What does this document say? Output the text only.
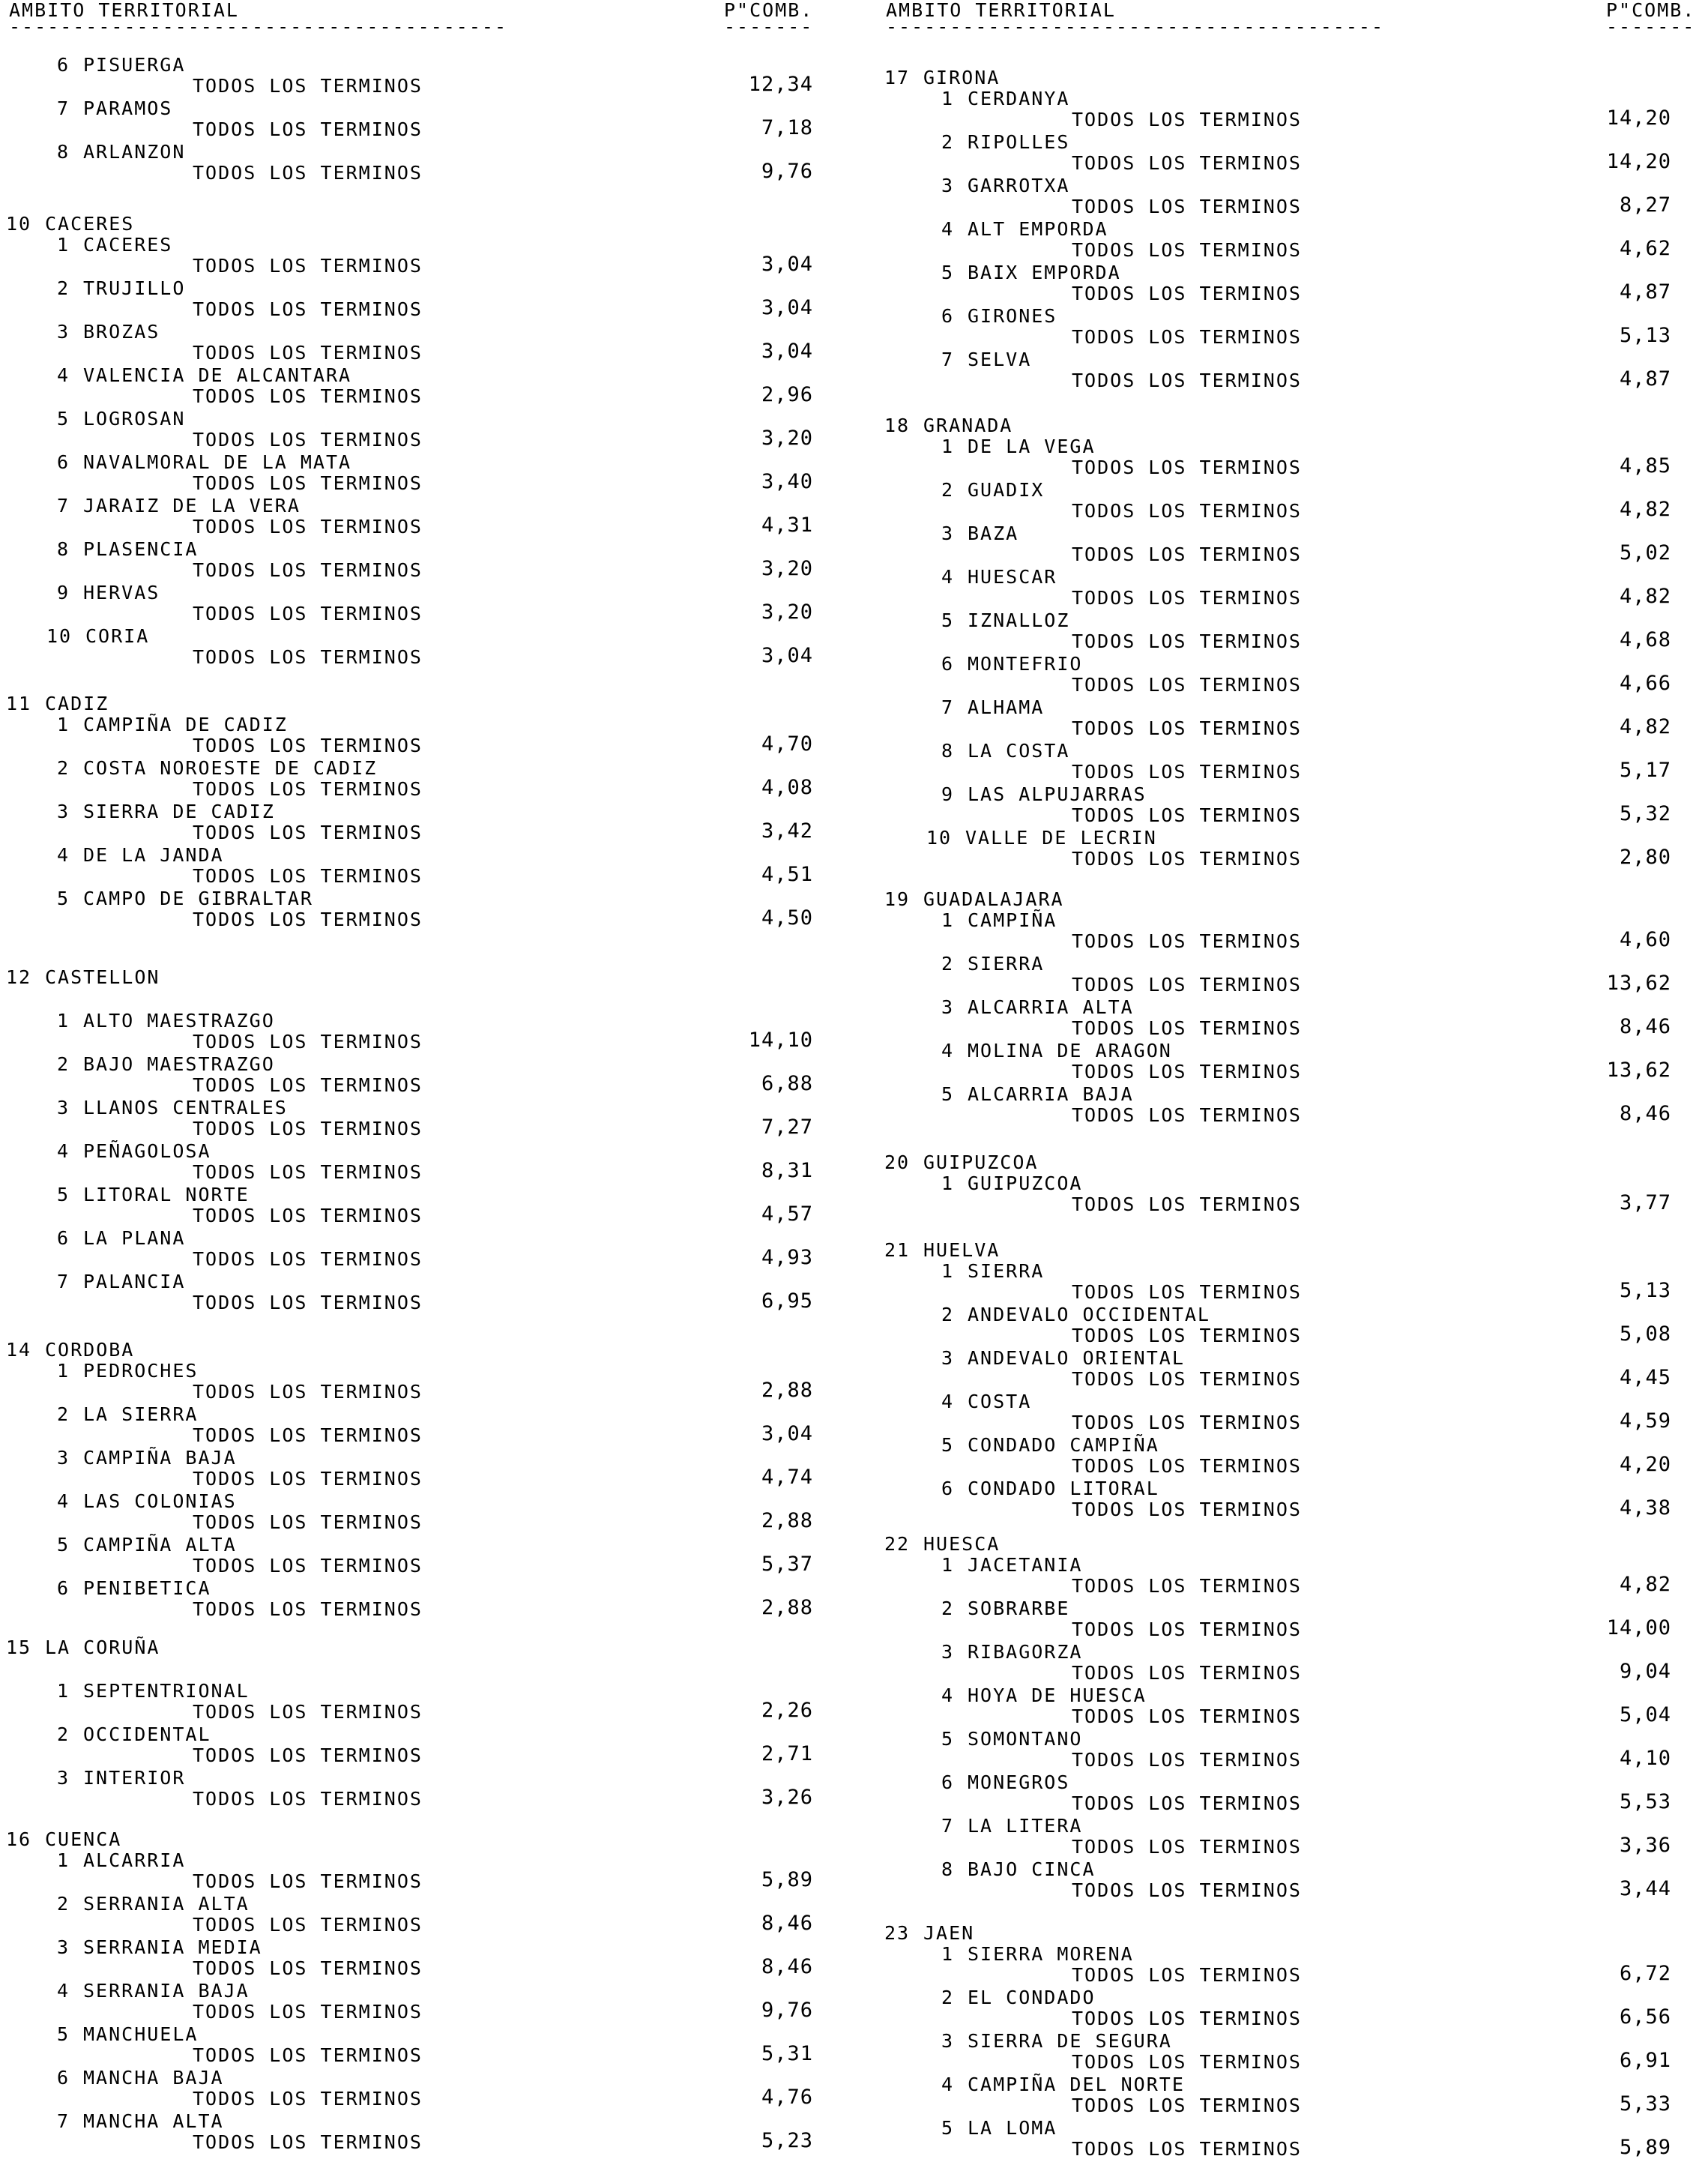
AMBITO TERRITORIAL	P"COMB.
---------------------------------------	-------
6 PISUERGA
TODOS LOS TERMINOS	12,34
7 PARAMOS
TODOS LOS TERMINOS	7,18
8 ARLANZON
TODOS LOS TERMINOS	9,76
10 CACERES
1 CACERES
TODOS LOS TERMINOS	3,04
2 TRUJILLO
TODOS LOS TERMINOS	3,04
3 BROZAS
TODOS LOS TERMINOS	3,04
4 VALENCIA DE ALCANTARA
TODOS LOS TERMINOS	2,96
5 LOGROSAN
TODOS LOS TERMINOS	3,20
6 NAVALMORAL DE LA MATA
TODOS LOS TERMINOS	3,40
7 JARAIZ DE LA VERA
TODOS LOS TERMINOS	4,31
8 PLASENCIA
TODOS LOS TERMINOS	3,20
9 HERVAS
TODOS LOS TERMINOS	3,20
10 CORIA
TODOS LOS TERMINOS	3,04
11 CADIZ
1 CAMPIÑA DE CADIZ
TODOS LOS TERMINOS	4,70
2 COSTA NOROESTE DE CADIZ
TODOS LOS TERMINOS	4,08
3 SIERRA DE CADIZ
TODOS LOS TERMINOS	3,42
4 DE LA JANDA
TODOS LOS TERMINOS	4,51
5 CAMPO DE GIBRALTAR
TODOS LOS TERMINOS	4,50
12 CASTELLON
1 ALTO MAESTRAZGO
TODOS LOS TERMINOS	14,10
2 BAJO MAESTRAZGO
TODOS LOS TERMINOS	6,88
3 LLANOS CENTRALES
TODOS LOS TERMINOS	7,27
4 PEÑAGOLOSA
TODOS LOS TERMINOS	8,31
5 LITORAL NORTE
TODOS LOS TERMINOS	4,57
6 LA PLANA
TODOS LOS TERMINOS	4,93
7 PALANCIA
TODOS LOS TERMINOS	6,95
14 CORDOBA
1 PEDROCHES
TODOS LOS TERMINOS	2,88
2 LA SIERRA
TODOS LOS TERMINOS	3,04
3 CAMPIÑA BAJA
TODOS LOS TERMINOS	4,74
4 LAS COLONIAS
TODOS LOS TERMINOS	2,88
5 CAMPIÑA ALTA
TODOS LOS TERMINOS	5,37
6 PENIBETICA
TODOS LOS TERMINOS	2,88
15 LA CORUÑA
1 SEPTENTRIONAL
TODOS LOS TERMINOS	2,26
2 OCCIDENTAL
TODOS LOS TERMINOS	2,71
3 INTERIOR
TODOS LOS TERMINOS	3,26
16 CUENCA
1 ALCARRIA
TODOS LOS TERMINOS	5,89
2 SERRANIA ALTA
TODOS LOS TERMINOS	8,46
3 SERRANIA MEDIA
TODOS LOS TERMINOS	8,46
4 SERRANIA BAJA
TODOS LOS TERMINOS	9,76
5 MANCHUELA
TODOS LOS TERMINOS	5,31
6 MANCHA BAJA
TODOS LOS TERMINOS	4,76
7 MANCHA ALTA
TODOS LOS TERMINOS	5,23
AMBITO TERRITORIAL	P"COMB.
---------------------------------------	-------
17 GIRONA
1 CERDANYA
TODOS LOS TERMINOS	14,20
2 RIPOLLES
TODOS LOS TERMINOS	14,20
3 GARROTXA
TODOS LOS TERMINOS	8,27
4 ALT EMPORDA
TODOS LOS TERMINOS	4,62
5 BAIX EMPORDA
TODOS LOS TERMINOS	4,87
6 GIRONES
TODOS LOS TERMINOS	5,13
7 SELVA
TODOS LOS TERMINOS	4,87
18 GRANADA
1 DE LA VEGA
TODOS LOS TERMINOS	4,85
2 GUADIX
TODOS LOS TERMINOS	4,82
3 BAZA
TODOS LOS TERMINOS	5,02
4 HUESCAR
TODOS LOS TERMINOS	4,82
5 IZNALLOZ
TODOS LOS TERMINOS	4,68
6 MONTEFRIO
TODOS LOS TERMINOS	4,66
7 ALHAMA
TODOS LOS TERMINOS	4,82
8 LA COSTA
TODOS LOS TERMINOS	5,17
9 LAS ALPUJARRAS
TODOS LOS TERMINOS	5,32
10 VALLE DE LECRIN
TODOS LOS TERMINOS	2,80
19 GUADALAJARA
1 CAMPIÑA
TODOS LOS TERMINOS	4,60
2 SIERRA
TODOS LOS TERMINOS	13,62
3 ALCARRIA ALTA
TODOS LOS TERMINOS	8,46
4 MOLINA DE ARAGON
TODOS LOS TERMINOS	13,62
5 ALCARRIA BAJA
TODOS LOS TERMINOS	8,46
20 GUIPUZCOA
1 GUIPUZCOA
TODOS LOS TERMINOS	3,77
21 HUELVA
1 SIERRA
TODOS LOS TERMINOS	5,13
2 ANDEVALO OCCIDENTAL
TODOS LOS TERMINOS	5,08
3 ANDEVALO ORIENTAL
TODOS LOS TERMINOS	4,45
4 COSTA
TODOS LOS TERMINOS	4,59
5 CONDADO CAMPIÑA
TODOS LOS TERMINOS	4,20
6 CONDADO LITORAL
TODOS LOS TERMINOS	4,38
22 HUESCA
1 JACETANIA
TODOS LOS TERMINOS	4,82
2 SOBRARBE
TODOS LOS TERMINOS	14,00
3 RIBAGORZA
TODOS LOS TERMINOS	9,04
4 HOYA DE HUESCA
TODOS LOS TERMINOS	5,04
5 SOMONTANO
TODOS LOS TERMINOS	4,10
6 MONEGROS
TODOS LOS TERMINOS	5,53
7 LA LITERA
TODOS LOS TERMINOS	3,36
8 BAJO CINCA
TODOS LOS TERMINOS	3,44
23 JAEN
1 SIERRA MORENA
TODOS LOS TERMINOS	6,72
2 EL CONDADO
TODOS LOS TERMINOS	6,56
3 SIERRA DE SEGURA
TODOS LOS TERMINOS	6,91
4 CAMPIÑA DEL NORTE
TODOS LOS TERMINOS	5,33
5 LA LOMA
TODOS LOS TERMINOS	5,89
